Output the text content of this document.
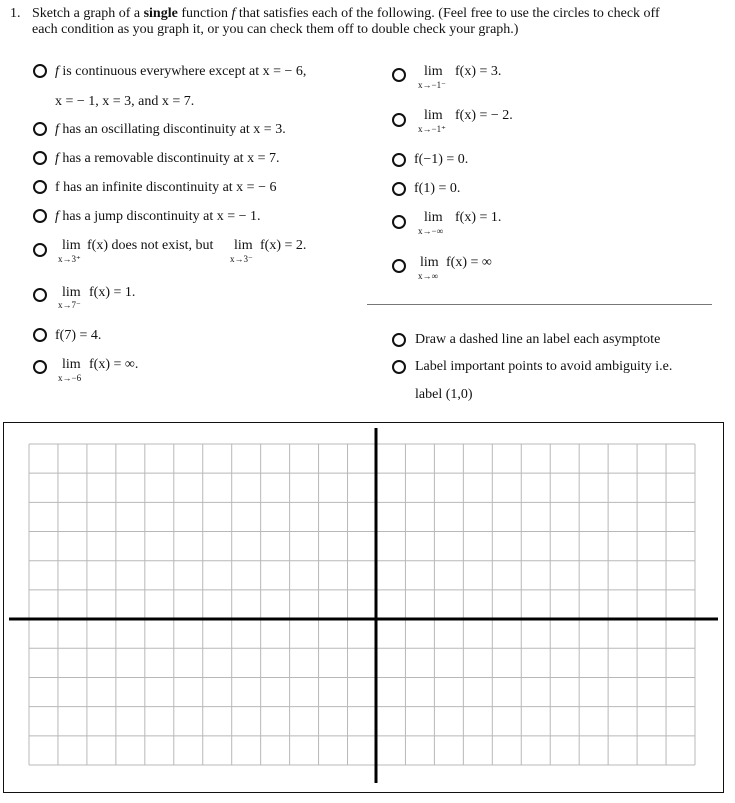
1. Sketch a graph of a single function f that satisfies each of the following. (Feel free to use the circles to check off
each condition as you graph it, or you can check them off to double check your graph.)
f is continuous everywhere except at x = − 6,
x = − 1, x = 3, and x = 7.
f has an oscillating discontinuity at x = 3.
f has a removable discontinuity at x = 7.
f has an infinite discontinuity at x = − 6
f has a jump discontinuity at x = − 1.
lim
x→3⁺
f(x) does not exist, but lim
x→3⁻
f(x) = 2.
lim
x→7⁻
f(x) = 1.
f(7) = 4.
lim
x→−6
f(x) = ∞.
lim
x→−1⁻
f(x) = 3.
lim
x→−1⁺
f(x) = − 2.
f(−1) = 0.
f(1) = 0.
lim
x→−∞
f(x) = 1.
lim
x→∞
f(x) = ∞
Draw a dashed line an label each asymptote
Label important points to avoid ambiguity i.e.
label (1,0)
